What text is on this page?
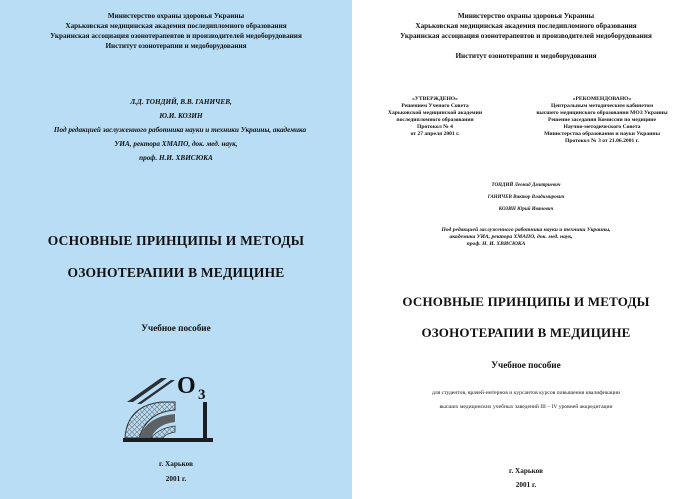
Министерство охраны здоровья Украины

Харьковская медицинская академия последипломного образования

Украинская ассоциация озонотерапевтов и производителей медоборудования

Институт озонотерапии и медоборудования

Л.Д. ТОНДИЙ, В.В. ГАНИЧЕВ,

Ю.И. КОЗИН

Под редакцией заслуженного работника науки и техники Украины, академика

УИА, ректора ХМАПО, док. мед. наук,

проф. Н.И. ХВИСЮКА

ОСНОВНЫЕ ПРИНЦИПЫ И МЕТОДЫ

ОЗОНОТЕРАПИИ В МЕДИЦИНЕ

Учебное пособие

O 3

г. Харьков

2001 г.

Министерство охраны здоровья Украины

Харьковская медицинская академия последипломного образования

Украинская ассоциация озонотерапевтов и производителей медоборудования

Институт озонотерапии и медоборудования

«УТВЕРЖДЕНО»
Решением Ученого Совета
Харьковской медицинской академии
последипломного образования
Протокол № 4
от 27 апреля 2001 г.
«РЕКОМЕНДОВАНО»
Центральным методическим кабинетом
высшего медицинского образования МОЗ Украины
Решение заседания Комиссии по медицине
Научно-методического Совета
Министерства образования и науки Украины
Протокол № 3 от 21.06.2001 г.

ТОНДИЙ Леонид Дмитриевич

ГАНИЧЕВ Виктор Владимирович

КОЗИН Юрий Иванович

Под редакцией заслуженного работника науки и техники Украины,

академика УИА, ректора ХМАПО, док. мед. наук,

проф. Н. И. ХВИСЮКА

ОСНОВНЫЕ ПРИНЦИПЫ И МЕТОДЫ

ОЗОНОТЕРАПИИ В МЕДИЦИНЕ

Учебное пособие

для студентов, врачей-интернов и курсантов курсов повышения квалификации

высших медицинских учебных заведений III – IV уровней аккредитации

г. Харьков

2001 г.
